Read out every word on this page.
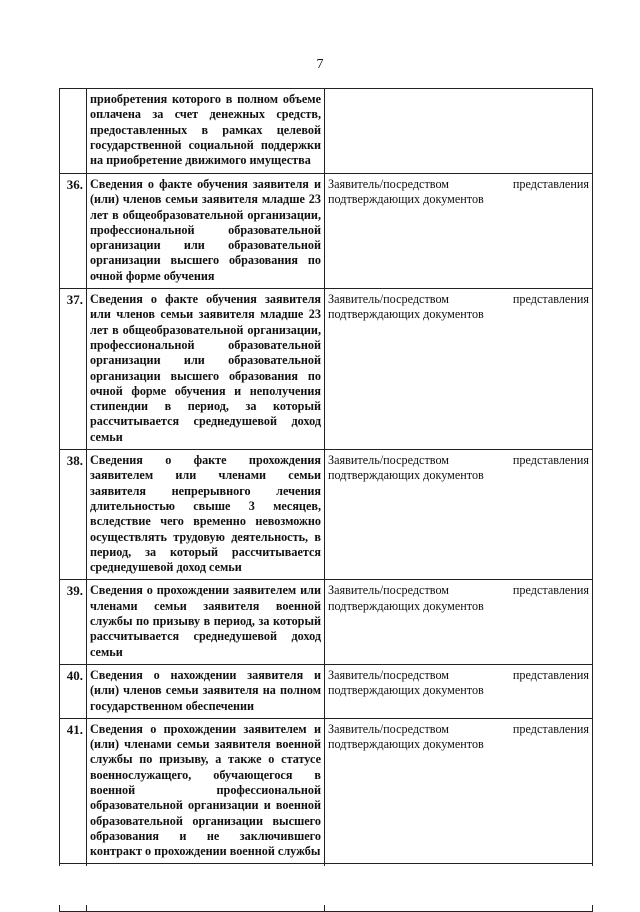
7
	приобретения которого в полном объеме оплачена за счет денежных средств, предоставленных в рамках целевой государственной социальной поддержки на приобретение движимого имущества	

36.	Сведения о факте обучения заявителя и (или) членов семьи заявителя младше 23 лет в общеобразовательной организации, профессиональной образовательной организации или образовательной организации высшего образования по очной форме обучения	Заявитель/посредством представления подтверждающих документов

37.	Сведения о факте обучения заявителя или членов семьи заявителя младше 23 лет в общеобразовательной организации, профессиональной образовательной организации или образовательной организации высшего образования по очной форме обучения и неполучения стипендии в период, за который рассчитывается среднедушевой доход семьи	Заявитель/посредством представления подтверждающих документов

38.	Сведения о факте прохождения заявителем или членами семьи заявителя непрерывного лечения длительностью свыше 3 месяцев, вследствие чего временно невозможно осуществлять трудовую деятельность, в период, за который рассчитывается среднедушевой доход семьи	Заявитель/посредством представления подтверждающих документов

39.	Сведения о прохождении заявителем или членами семьи заявителя военной службы по призыву в период, за который рассчитывается среднедушевой доход семьи	Заявитель/посредством представления подтверждающих документов

40.	Сведения о нахождении заявителя и (или) членов семьи заявителя на полном государственном обеспечении	Заявитель/посредством представления подтверждающих документов

41.	Сведения о прохождении заявителем и (или) членами семьи заявителя военной службы по призыву, а также о статусе военнослужащего, обучающегося в военной профессиональной образовательной организации и военной образовательной организации высшего образования и не заключившего контракт о прохождении военной службы	Заявитель/посредством представления подтверждающих документов
